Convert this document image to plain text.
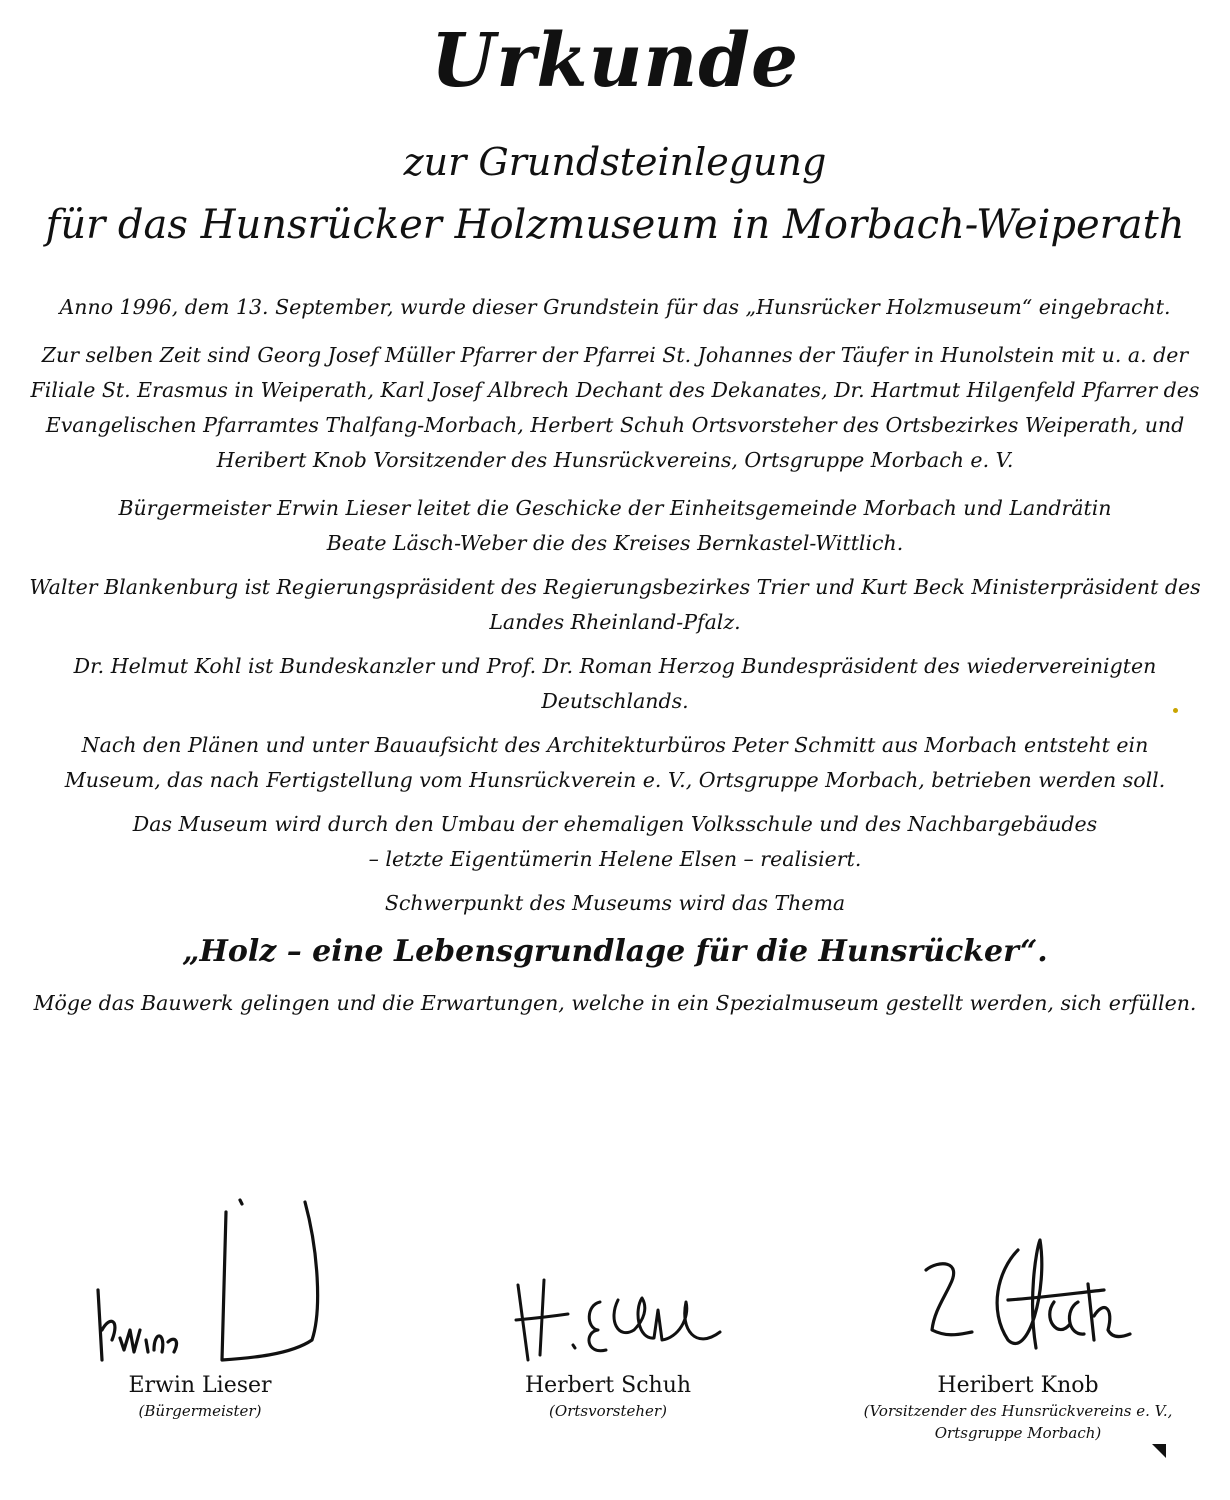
Urkunde
zur Grundsteinlegung
für das Hunsrücker Holzmuseum in Morbach-Weiperath

Anno 1996, dem 13. September, wurde dieser Grundstein für das „Hunsrücker Holzmuseum“ eingebracht.

Zur selben Zeit sind Georg Josef Müller Pfarrer der Pfarrei St. Johannes der Täufer in Hunolstein mit u. a. der Filiale St. Erasmus in Weiperath, Karl Josef Albrech Dechant des Dekanates, Dr. Hartmut Hilgenfeld Pfarrer des Evangelischen Pfarramtes Thalfang-Morbach, Herbert Schuh Ortsvorsteher des Ortsbezirkes Weiperath, und Heribert Knob Vorsitzender des Hunsrückvereins, Ortsgruppe Morbach e. V.

Bürgermeister Erwin Lieser leitet die Geschicke der Einheitsgemeinde Morbach und Landrätin
Beate Läsch-Weber die des Kreises Bernkastel-Wittlich.

Walter Blankenburg ist Regierungspräsident des Regierungsbezirkes Trier und Kurt Beck Ministerpräsident des
Landes Rheinland-Pfalz.

Dr. Helmut Kohl ist Bundeskanzler und Prof. Dr. Roman Herzog Bundespräsident des wiedervereinigten
Deutschlands.

Nach den Plänen und unter Bauaufsicht des Architekturbüros Peter Schmitt aus Morbach entsteht ein
Museum, das nach Fertigstellung vom Hunsrückverein e. V., Ortsgruppe Morbach, betrieben werden soll.

Das Museum wird durch den Umbau der ehemaligen Volksschule und des Nachbargebäudes
– letzte Eigentümerin Helene Elsen – realisiert.

Schwerpunkt des Museums wird das Thema

„Holz – eine Lebensgrundlage für die Hunsrücker“.

Möge das Bauwerk gelingen und die Erwartungen, welche in ein Spezialmuseum gestellt werden, sich erfüllen.

Erwin Lieser
(Bürgermeister)
Herbert Schuh
(Ortsvorsteher)
Heribert Knob
(Vorsitzender des Hunsrückvereins e. V.,
Ortsgruppe Morbach)
